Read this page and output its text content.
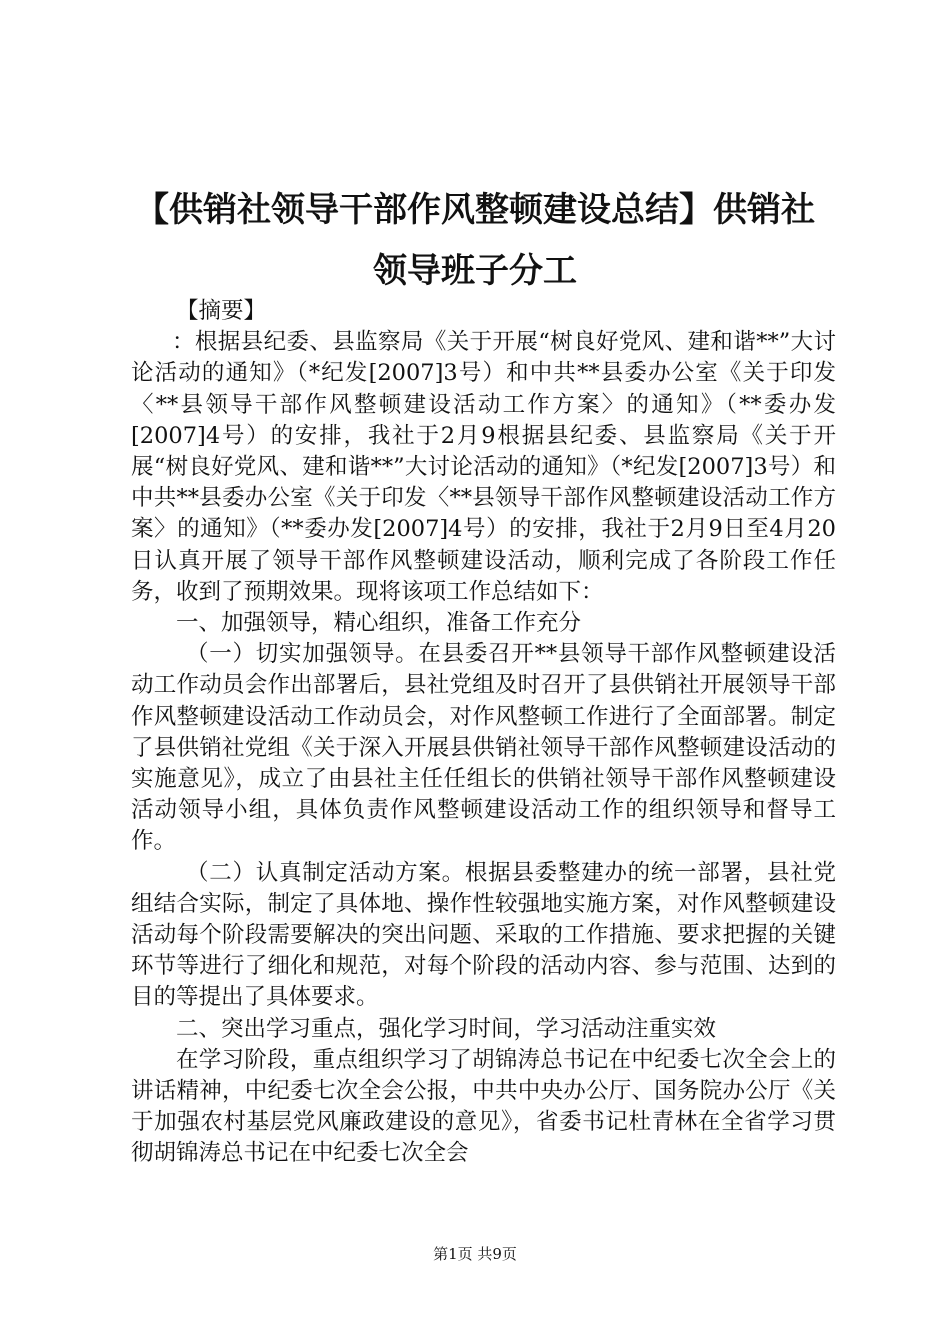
【供销社领导干部作风整顿建设总结】供销社
领导班子分工

【摘要】

：根据县纪委、县监察局《关于开展“树良好党风、建和谐**”大讨论活动的通知》（*纪发[2007]3号）和中共**县委办公室《关于印发〈**县领导干部作风整顿建设活动工作方案〉的通知》（**委办发[2007]4号）的安排，我社于2月9根据县纪委、县监察局《关于开展“树良好党风、建和谐**”大讨论活动的通知》（*纪发[2007]3号）和中共**县委办公室《关于印发〈**县领导干部作风整顿建设活动工作方案〉的通知》（**委办发[2007]4号）的安排，我社于2月9日至4月20日认真开展了领导干部作风整顿建设活动，顺利完成了各阶段工作任务，收到了预期效果。现将该项工作总结如下：

一、加强领导，精心组织，准备工作充分

（一）切实加强领导。在县委召开**县领导干部作风整顿建设活动工作动员会作出部署后，县社党组及时召开了县供销社开展领导干部作风整顿建设活动工作动员会，对作风整顿工作进行了全面部署。制定了县供销社党组《关于深入开展县供销社领导干部作风整顿建设活动的实施意见》，成立了由县社主任任组长的供销社领导干部作风整顿建设活动领导小组，具体负责作风整顿建设活动工作的组织领导和督导工作。

（二）认真制定活动方案。根据县委整建办的统一部署，县社党组结合实际，制定了具体地、操作性较强地实施方案，对作风整顿建设活动每个阶段需要解决的突出问题、采取的工作措施、要求把握的关键环节等进行了细化和规范，对每个阶段的活动内容、参与范围、达到的目的等提出了具体要求。

二、突出学习重点，强化学习时间，学习活动注重实效

在学习阶段，重点组织学习了胡锦涛总书记在中纪委七次全会上的讲话精神，中纪委七次全会公报，中共中央办公厅、国务院办公厅《关于加强农村基层党风廉政建设的意见》，省委书记杜青林在全省学习贯彻胡锦涛总书记在中纪委七次全会

第1页 共9页
